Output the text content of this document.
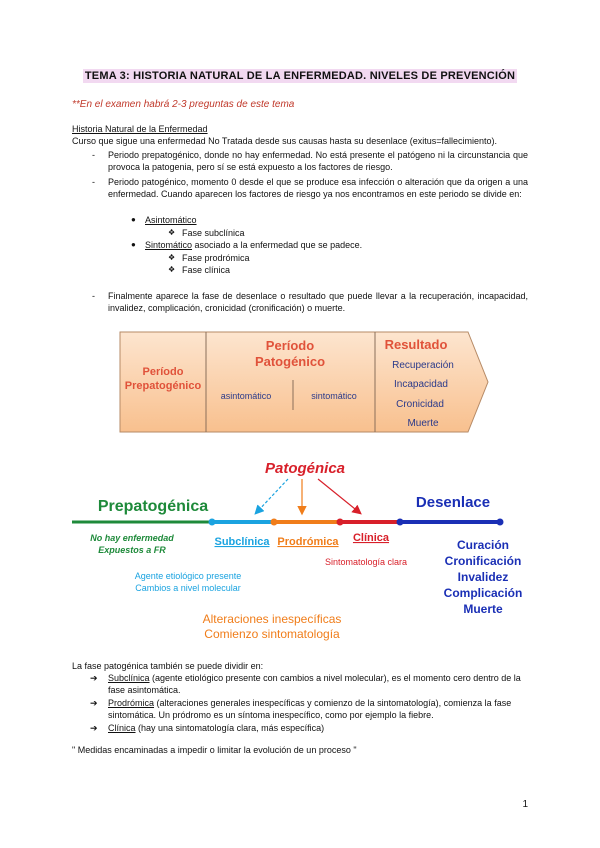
TEMA 3: HISTORIA NATURAL DE LA ENFERMEDAD. NIVELES DE PREVENCIÓN
**En el examen habrá 2-3 preguntas de este tema
Historia Natural de la Enfermedad
Curso que sigue una enfermedad No Tratada desde sus causas hasta su desenlace (exitus=fallecimiento).
- Periodo prepatogénico, donde no hay enfermedad. No está presente el patógeno ni la circunstancia que provoca la patogenia, pero sí se está expuesto a los factores de riesgo.
- Periodo patogénico, momento 0 desde el que se produce esa infección o alteración que da origen a una enfermedad. Cuando aparecen los factores de riesgo ya nos encontramos en este periodo se divide en:
● Asintomático
❖ Fase subclínica
● Sintomático asociado a la enfermedad que se padece.
❖ Fase prodrómica
❖ Fase clínica
- Finalmente aparece la fase de desenlace o resultado que puede llevar a la recuperación, incapacidad, invalidez, complicación, cronicidad (cronificación) o muerte.
Período
Prepatogénico
Período
Patogénico
asintomático	sintomático
Resultado
Recuperación
Incapacidad
Cronicidad
Muerte
Patogénica
Prepatogénica	Desenlace
Subclínica Prodrómica Clínica
No hay enfermedad
Expuestos a FR
Sintomatología clara
Curación
Cronificación
Invalidez
Complicación
Muerte
Agente etiológico presente
Cambios a nivel molecular
Alteraciones inespecíficas
Comienzo sintomatología
La fase patogénica también se puede dividir en:
➔ Subclínica (agente etiológico presente con cambios a nivel molecular), es el momento cero dentro de la fase asintomática.
➔ Prodrómica (alteraciones generales inespecíficas y comienzo de la sintomatología), comienza la fase sintomática. Un pródromo es un síntoma inespecífico, como por ejemplo la fiebre.
➔ Clínica (hay una sintomatología clara, más específica)
" Medidas encaminadas a impedir o limitar la evolución de un proceso "
1
